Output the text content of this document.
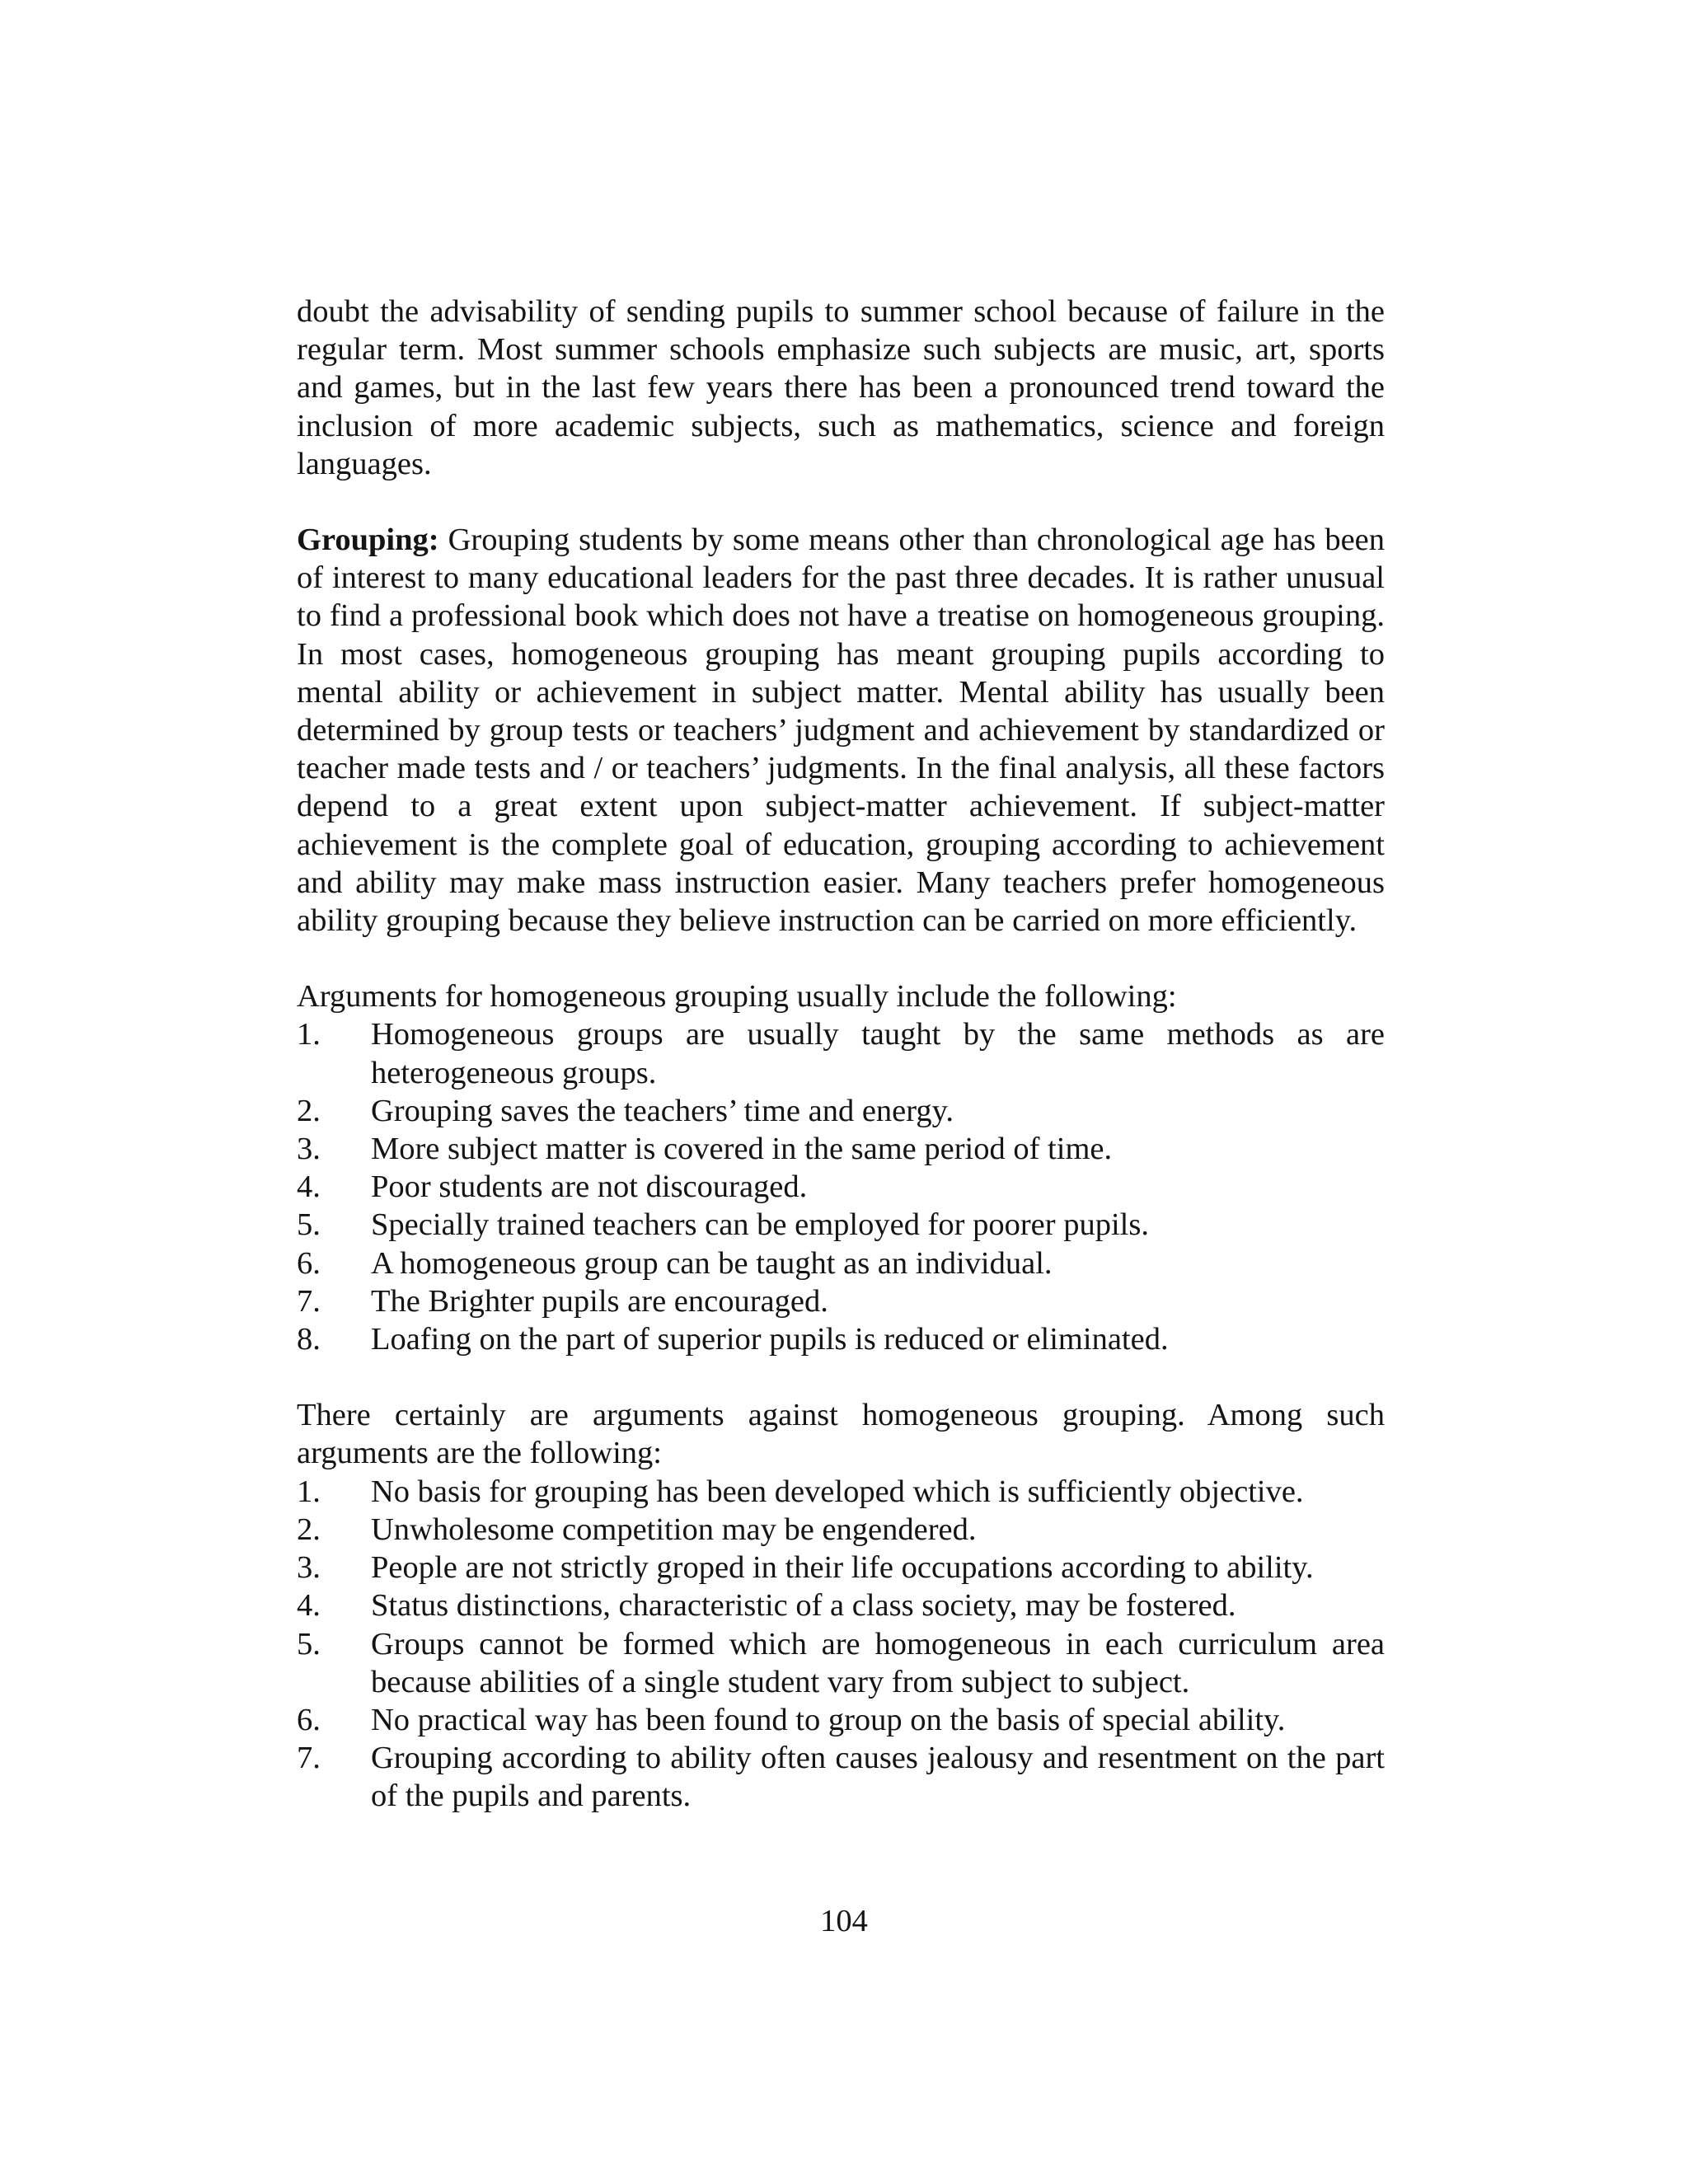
doubt the advisability of sending pupils to summer school because of failure in the regular term. Most summer schools emphasize such subjects are music, art, sports and games, but in the last few years there has been a pronounced trend toward the inclusion of more academic subjects, such as mathematics, science and foreign languages.

Grouping: Grouping students by some means other than chronological age has been of interest to many educational leaders for the past three decades. It is rather unusual to find a professional book which does not have a treatise on homogeneous grouping. In most cases, homogeneous grouping has meant grouping pupils according to mental ability or achievement in subject matter. Mental ability has usually been determined by group tests or teachers’ judgment and achievement by standardized or teacher made tests and / or teachers’ judgments. In the final analysis, all these factors depend to a great extent upon subject-matter achievement. If subject-matter achievement is the complete goal of education, grouping according to achievement and ability may make mass instruction easier. Many teachers prefer homogeneous ability grouping because they believe instruction can be carried on more efficiently.

Arguments for homogeneous grouping usually include the following:

1.	Homogeneous groups are usually taught by the same methods as are heterogeneous groups.
2.	Grouping saves the teachers’ time and energy.
3.	More subject matter is covered in the same period of time.
4.	Poor students are not discouraged.
5.	Specially trained teachers can be employed for poorer pupils.
6.	A homogeneous group can be taught as an individual.
7.	The Brighter pupils are encouraged.
8.	Loafing on the part of superior pupils is reduced or eliminated.

There certainly are arguments against homogeneous grouping. Among such arguments are the following:

1.	No basis for grouping has been developed which is sufficiently objective.
2.	Unwholesome competition may be engendered.
3.	People are not strictly groped in their life occupations according to ability.
4.	Status distinctions, characteristic of a class society, may be fostered.
5.	Groups cannot be formed which are homogeneous in each curriculum area because abilities of a single student vary from subject to subject.
6.	No practical way has been found to group on the basis of special ability.
7.	Grouping according to ability often causes jealousy and resentment on the part of the pupils and parents.
104
